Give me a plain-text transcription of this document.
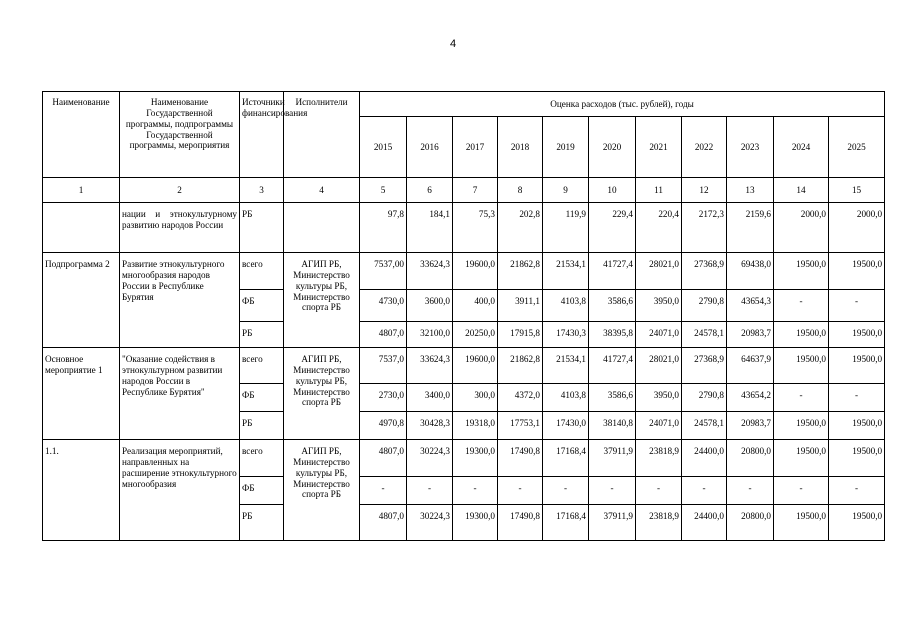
4
Наименование	Наименование Государственной программы, подпрограммы Государственной программы, мероприятия	Источники финансирования	Исполнители	Оценка расходов (тыс. рублей), годы										
				2015	2016	2017	2018	2019	2020	2021	2022	2023	2024	2025
1	2	3	4	5	6	7	8	9	10	11	12	13	14	15
	нации и этнокультурному развитию народов России	РБ		97,8	184,1	75,3	202,8	119,9	229,4	220,4	2172,3	2159,6	2000,0	2000,0
Подпрограмма 2	Развитие этнокультурного многообразия народов России в Республике Бурятия	всего	АГИП РБ, Министерство культуры РБ, Министерство спорта РБ	7537,00	33624,3	19600,0	21862,8	21534,1	41727,4	28021,0	27368,9	69438,0	19500,0	19500,0
		ФБ		4730,0	3600,0	400,0	3911,1	4103,8	3586,6	3950,0	2790,8	43654,3	-	-
		РБ		4807,0	32100,0	20250,0	17915,8	17430,3	38395,8	24071,0	24578,1	20983,7	19500,0	19500,0
Основное мероприятие 1	"Оказание содействия в этнокультурном развитии народов России в Республике Бурятия"	всего	АГИП РБ, Министерство культуры РБ, Министерство спорта РБ	7537,0	33624,3	19600,0	21862,8	21534,1	41727,4	28021,0	27368,9	64637,9	19500,0	19500,0
		ФБ		2730,0	3400,0	300,0	4372,0	4103,8	3586,6	3950,0	2790,8	43654,2	-	-
		РБ		4970,8	30428,3	19318,0	17753,1	17430,0	38140,8	24071,0	24578,1	20983,7	19500,0	19500,0
1.1.	Реализация мероприятий, направленных на расширение этнокультурного многообразия	всего	АГИП РБ, Министерство культуры РБ, Министерство спорта РБ	4807,0	30224,3	19300,0	17490,8	17168,4	37911,9	23818,9	24400,0	20800,0	19500,0	19500,0
		ФБ		-	-	-	-	-	-	-	-	-	-	-
		РБ		4807,0	30224,3	19300,0	17490,8	17168,4	37911,9	23818,9	24400,0	20800,0	19500,0	19500,0
